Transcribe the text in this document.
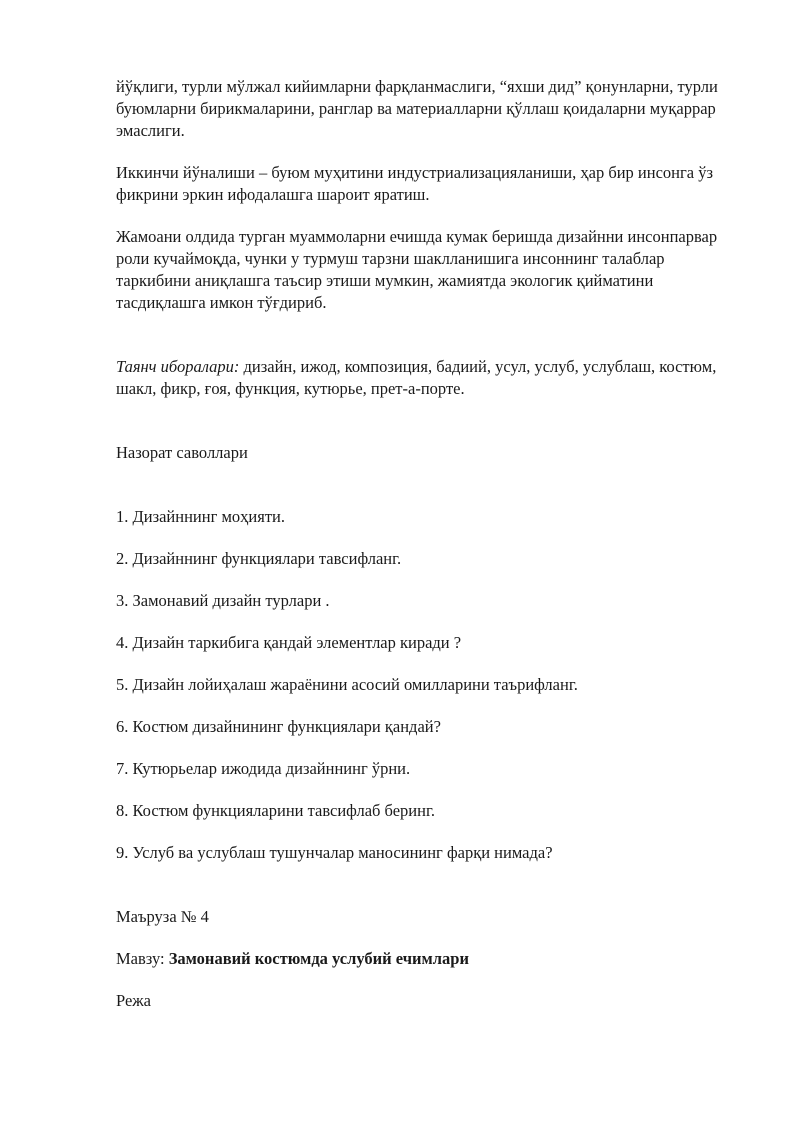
йўқлиги, турли мўлжал кийимларни фарқланмаслиги, “яхши дид” қонунларни, турли буюмларни бирикмаларини, ранглар ва материалларни қўллаш қоидаларни муқаррар эмаслиги.

Иккинчи йўналиши – буюм муҳитини индустриализацияланиши, ҳар бир инсонга ўз фикрини эркин ифодалашга шароит яратиш.

Жамоани олдида турган муаммоларни ечишда кумак беришда дизайнни инсонпарвар роли кучаймоқда, чунки у турмуш тарзни шаклланишига инсоннинг талаблар таркибини аниқлашга таъсир этиши мумкин, жамиятда экологик қийматини тасдиқлашга имкон тўғдириб.

Таянч иборалари: дизайн, ижод, композиция, бадиий, усул, услуб, услублаш, костюм, шакл, фикр, ғоя, функция, кутюрье, прет-а-порте.

Назорат саволлари

1. Дизайннинг моҳияти.

2. Дизайннинг функциялари тавсифланг.

3. Замонавий дизайн турлари .

4. Дизайн таркибига қандай элементлар киради ?

5. Дизайн лойиҳалаш жараёнини асосий омилларини таърифланг.

6. Костюм дизайнининг функциялари қандай?

7. Кутюрьелар ижодида дизайннинг ўрни.

8. Костюм функцияларини тавсифлаб беринг.

9. Услуб ва услублаш тушунчалар маносининг фарқи нимада?

Маъруза № 4

Мавзу: Замонавий костюмда услубий ечимлари

Режа
